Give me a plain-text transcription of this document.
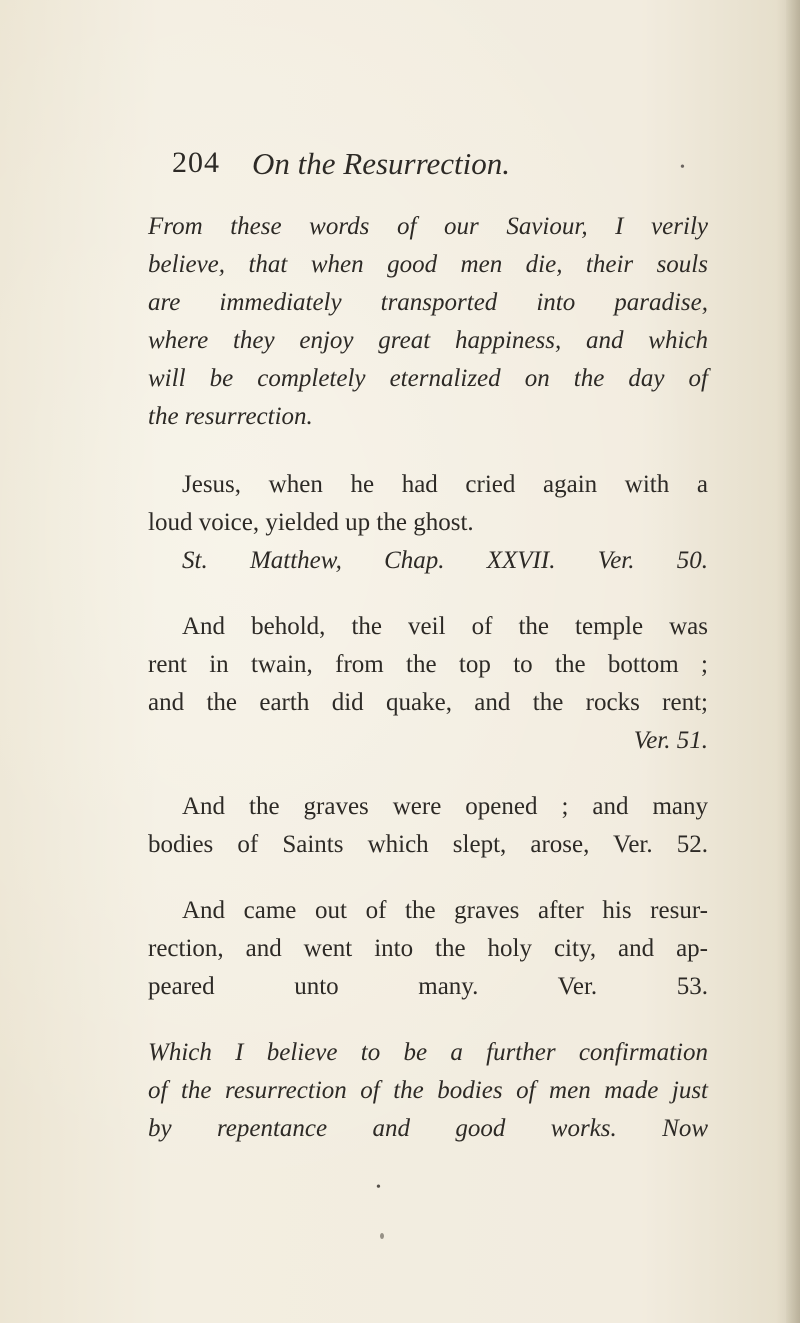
204 On the Resurrection.	•
From these words of our Saviour, I verily
believe, that when good men die, their souls
are immediately transported into paradise,
where they enjoy great happiness, and which
will be completely eternalized on the day of
the resurrection.
Jesus, when he had cried again with a
loud voice, yielded up the ghost.
St. Matthew, Chap. XXVII. Ver. 50.
And behold, the veil of the temple was
rent in twain, from the top to the bottom ;
and the earth did quake, and the rocks rent;
Ver. 51.
And the graves were opened ; and many
bodies of Saints which slept, arose, Ver. 52.
And came out of the graves after his resur-
rection, and went into the holy city, and ap-
peared unto many. Ver. 53.
Which I believe to be a further confirmation
of the resurrection of the bodies of men made just
by repentance and good works. Now
•
